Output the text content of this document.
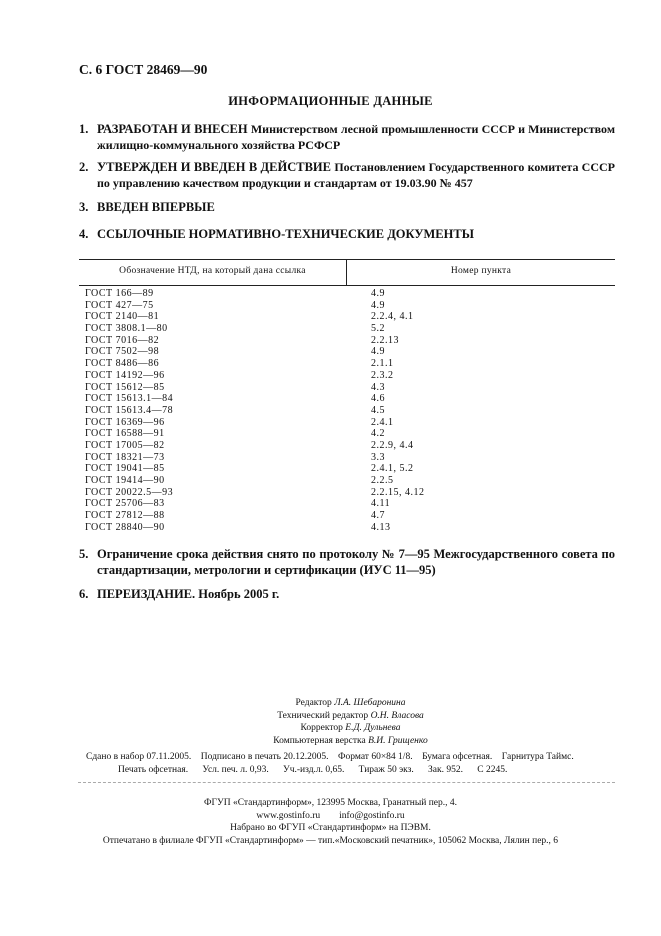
С. 6 ГОСТ 28469—90
ИНФОРМАЦИОННЫЕ ДАННЫЕ
1. РАЗРАБОТАН И ВНЕСЕН Министерством лесной промышленности СССР и Министерством жилищно-коммунального хозяйства РСФСР
2. УТВЕРЖДЕН И ВВЕДЕН В ДЕЙСТВИЕ Постановлением Государственного комитета СССР по управлению качеством продукции и стандартам от 19.03.90 № 457
3. ВВЕДЕН ВПЕРВЫЕ
4. ССЫЛОЧНЫЕ НОРМАТИВНО-ТЕХНИЧЕСКИЕ ДОКУМЕНТЫ
Обозначение НТД, на который дана ссылка	Номер пункта
ГОСТ 166—89	4.9
ГОСТ 427—75	4.9
ГОСТ 2140—81	2.2.4, 4.1
ГОСТ 3808.1—80	5.2
ГОСТ 7016—82	2.2.13
ГОСТ 7502—98	4.9
ГОСТ 8486—86	2.1.1
ГОСТ 14192—96	2.3.2
ГОСТ 15612—85	4.3
ГОСТ 15613.1—84	4.6
ГОСТ 15613.4—78	4.5
ГОСТ 16369—96	2.4.1
ГОСТ 16588—91	4.2
ГОСТ 17005—82	2.2.9, 4.4
ГОСТ 18321—73	3.3
ГОСТ 19041—85	2.4.1, 5.2
ГОСТ 19414—90	2.2.5
ГОСТ 20022.5—93	2.2.15, 4.12
ГОСТ 25706—83	4.11
ГОСТ 27812—88	4.7
ГОСТ 28840—90	4.13
5. Ограничение срока действия снято по протоколу № 7—95 Межгосударственного совета по стандартизации, метрологии и сертификации (ИУС 11—95)
6. ПЕРЕИЗДАНИЕ. Ноябрь 2005 г.
Редактор Л.А. Шебаронина
Технический редактор О.Н. Власова
Корректор Е.Д. Дульнева
Компьютерная верстка В.И. Грищенко
Сдано в набор 07.11.2005. Подписано в печать 20.12.2005. Формат 60×84 1/8. Бумага офсетная. Гарнитура Таймс.
Печать офсетная. Усл. печ. л. 0,93. Уч.-изд.л. 0,65. Тираж 50 экз. Зак. 952. С 2245.
ФГУП «Стандартинформ», 123995 Москва, Гранатный пер., 4.
www.gostinfo.ru        info@gostinfo.ru
Набрано во ФГУП «Стандартинформ» на ПЭВМ.
Отпечатано в филиале ФГУП «Стандартинформ» — тип.«Московский печатник», 105062 Москва, Лялин пер., 6
